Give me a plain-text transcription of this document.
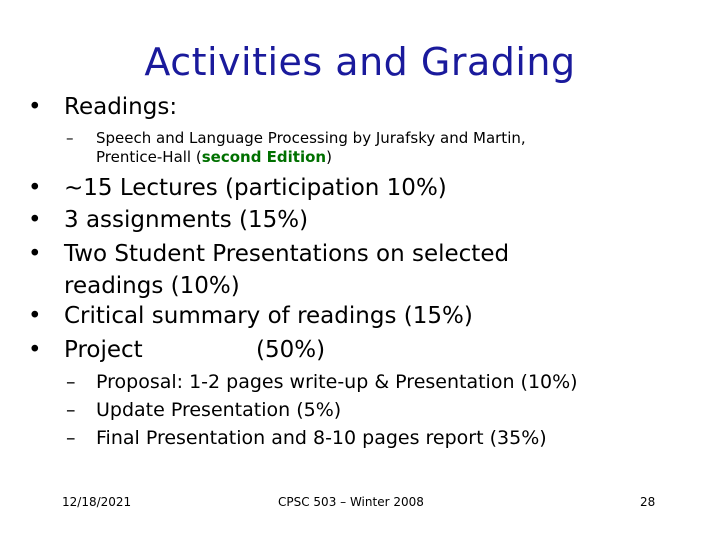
Activities and Grading
• Readings:
– Speech and Language Processing by Jurafsky and Martin,
Prentice-Hall (second Edition)
• ~15 Lectures (participation 10%)
• 3 assignments (15%)
• Two Student Presentations on selected
readings (10%)
• Critical summary of readings (15%)
• Project	(50%)
– Proposal: 1-2 pages write-up & Presentation (10%)
– Update Presentation (5%)
– Final Presentation and 8-10 pages report (35%)
12/18/2021	CPSC 503 – Winter 2008	28
